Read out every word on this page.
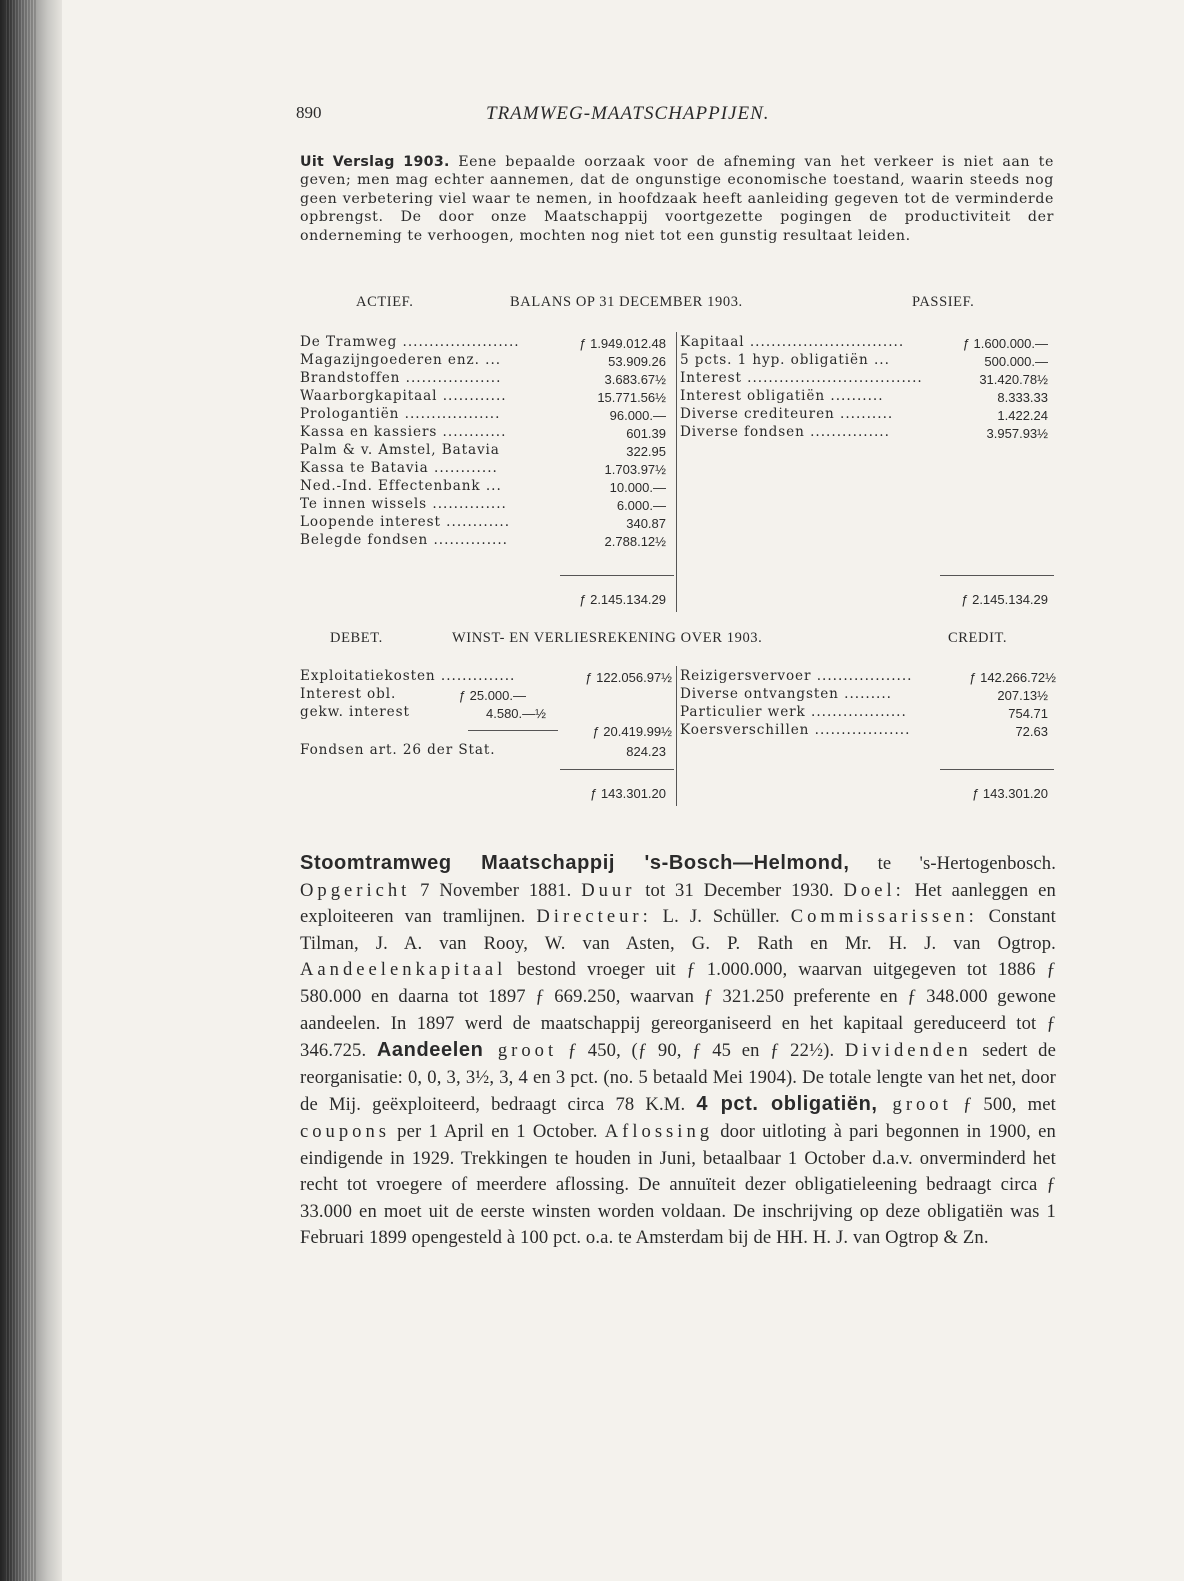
890	TRAMWEG-MAATSCHAPPIJEN.
Uit Verslag 1903. Eene bepaalde oorzaak voor de afneming van het verkeer is niet aan te geven; men mag echter aannemen, dat de ongunstige economische toestand, waarin steeds nog geen verbetering viel waar te nemen, in hoofdzaak heeft aanleiding gegeven tot de verminderde opbrengst. De door onze Maatschappij voortgezette pogingen de productiviteit der onderneming te verhoogen, mochten nog niet tot een gunstig resultaat leiden.
ACTIEF.	BALANS OP 31 DECEMBER 1903.	PASSIEF.
De Tramweg ......................	ƒ 1.949.012.48
Magazijngoederen enz. ...	53.909.26
Brandstoffen ..................	3.683.67½
Waarborgkapitaal ............	15.771.56½
Prologantiën ..................	96.000.—
Kassa en kassiers ............	601.39
Palm & v. Amstel, Batavia	322.95
Kassa te Batavia ............	1.703.97½
Ned.-Ind. Effectenbank ...	10.000.—
Te innen wissels ..............	6.000.—
Loopende interest ............	340.87
Belegde fondsen ..............	2.788.12½
Kapitaal .............................	ƒ 1.600.000.—
5 pcts. 1 hyp. obligatiën ...	500.000.—
Interest .................................	31.420.78½
Interest obligatiën ..........	8.333.33
Diverse crediteuren ..........	1.422.24
Diverse fondsen ...............	3.957.93½
ƒ 2.145.134.29	ƒ 2.145.134.29
DEBET.	WINST- EN VERLIESREKENING OVER 1903.	CREDIT.
Exploitatiekosten ..............	ƒ 122.056.97½
Interest obl.	ƒ 25.000.—
gekw. interest	4.580.—½
ƒ 20.419.99½
Fondsen art. 26 der Stat.	824.23
Reizigersvervoer ..................	ƒ 142.266.72½
Diverse ontvangsten .........	207.13½
Particulier werk ..................	754.71
Koersverschillen ..................	72.63
ƒ 143.301.20	ƒ 143.301.20
Stoomtramweg Maatschappij 's-Bosch—Helmond, te 's-Hertogenbosch. Opgericht 7 November 1881. Duur tot 31 December 1930. Doel: Het aanleggen en exploiteeren van tramlijnen. Directeur: L. J. Schüller. Commissarissen: Constant Tilman, J. A. van Rooy, W. van Asten, G. P. Rath en Mr. H. J. van Ogtrop. Aandeelenkapitaal bestond vroeger uit ƒ 1.000.000, waarvan uitgegeven tot 1886 ƒ 580.000 en daarna tot 1897 ƒ 669.250, waarvan ƒ 321.250 preferente en ƒ 348.000 gewone aandeelen. In 1897 werd de maatschappij gereorganiseerd en het kapitaal gereduceerd tot ƒ 346.725. Aandeelen groot ƒ 450, (ƒ 90, ƒ 45 en ƒ 22½). Dividenden sedert de reorganisatie: 0, 0, 3, 3½, 3, 4 en 3 pct. (no. 5 betaald Mei 1904). De totale lengte van het net, door de Mij. geëxploiteerd, bedraagt circa 78 K.M. 4 pct. obligatiën, groot ƒ 500, met coupons per 1 April en 1 October. Aflossing door uitloting à pari begonnen in 1900, en eindigende in 1929. Trekkingen te houden in Juni, betaalbaar 1 October d.a.v. onverminderd het recht tot vroegere of meerdere aflossing. De annuïteit dezer obligatieleening bedraagt circa ƒ 33.000 en moet uit de eerste winsten worden voldaan. De inschrijving op deze obligatiën was 1 Februari 1899 opengesteld à 100 pct. o.a. te Amsterdam bij de HH. H. J. van Ogtrop & Zn.
